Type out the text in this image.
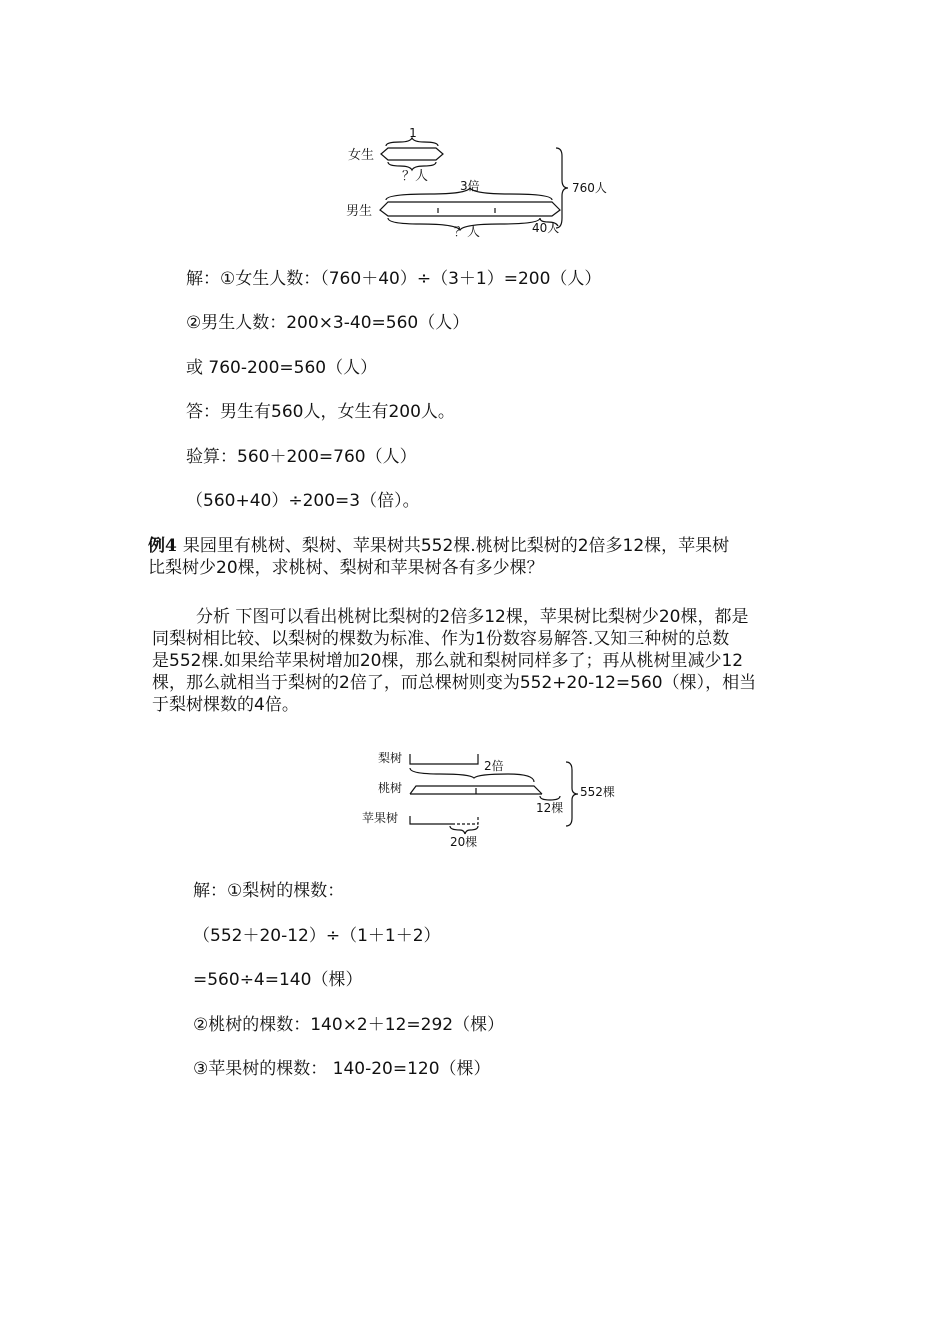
女生
男生
1
？人
3倍
？人	40人
760人
解：①女生人数：（760＋40）÷（3＋1）=200（人）
②男生人数：200×3-40=560（人）
或 760-200=560（人）
答：男生有560人，女生有200人。
验算：560＋200=760（人）
（560+40）÷200=3（倍）。
例4 果园里有桃树、梨树、苹果树共552棵.桃树比梨树的2倍多12棵，苹果树
比梨树少20棵，求桃树、梨树和苹果树各有多少棵？
分析 下图可以看出桃树比梨树的2倍多12棵，苹果树比梨树少20棵，都是
同梨树相比较、以梨树的棵数为标准、作为1份数容易解答.又知三种树的总数
是552棵.如果给苹果树增加20棵，那么就和梨树同样多了；再从桃树里减少12
棵，那么就相当于梨树的2倍了，而总棵树则变为552+20-12=560（棵），相当
于梨树棵数的4倍。
梨树
桃树
苹果树
2倍
12棵
20棵
552棵
解：①梨树的棵数：
（552＋20-12）÷（1＋1＋2）
=560÷4=140（棵）
②桃树的棵数：140×2＋12=292（棵）
③苹果树的棵数： 140-20=120（棵）
